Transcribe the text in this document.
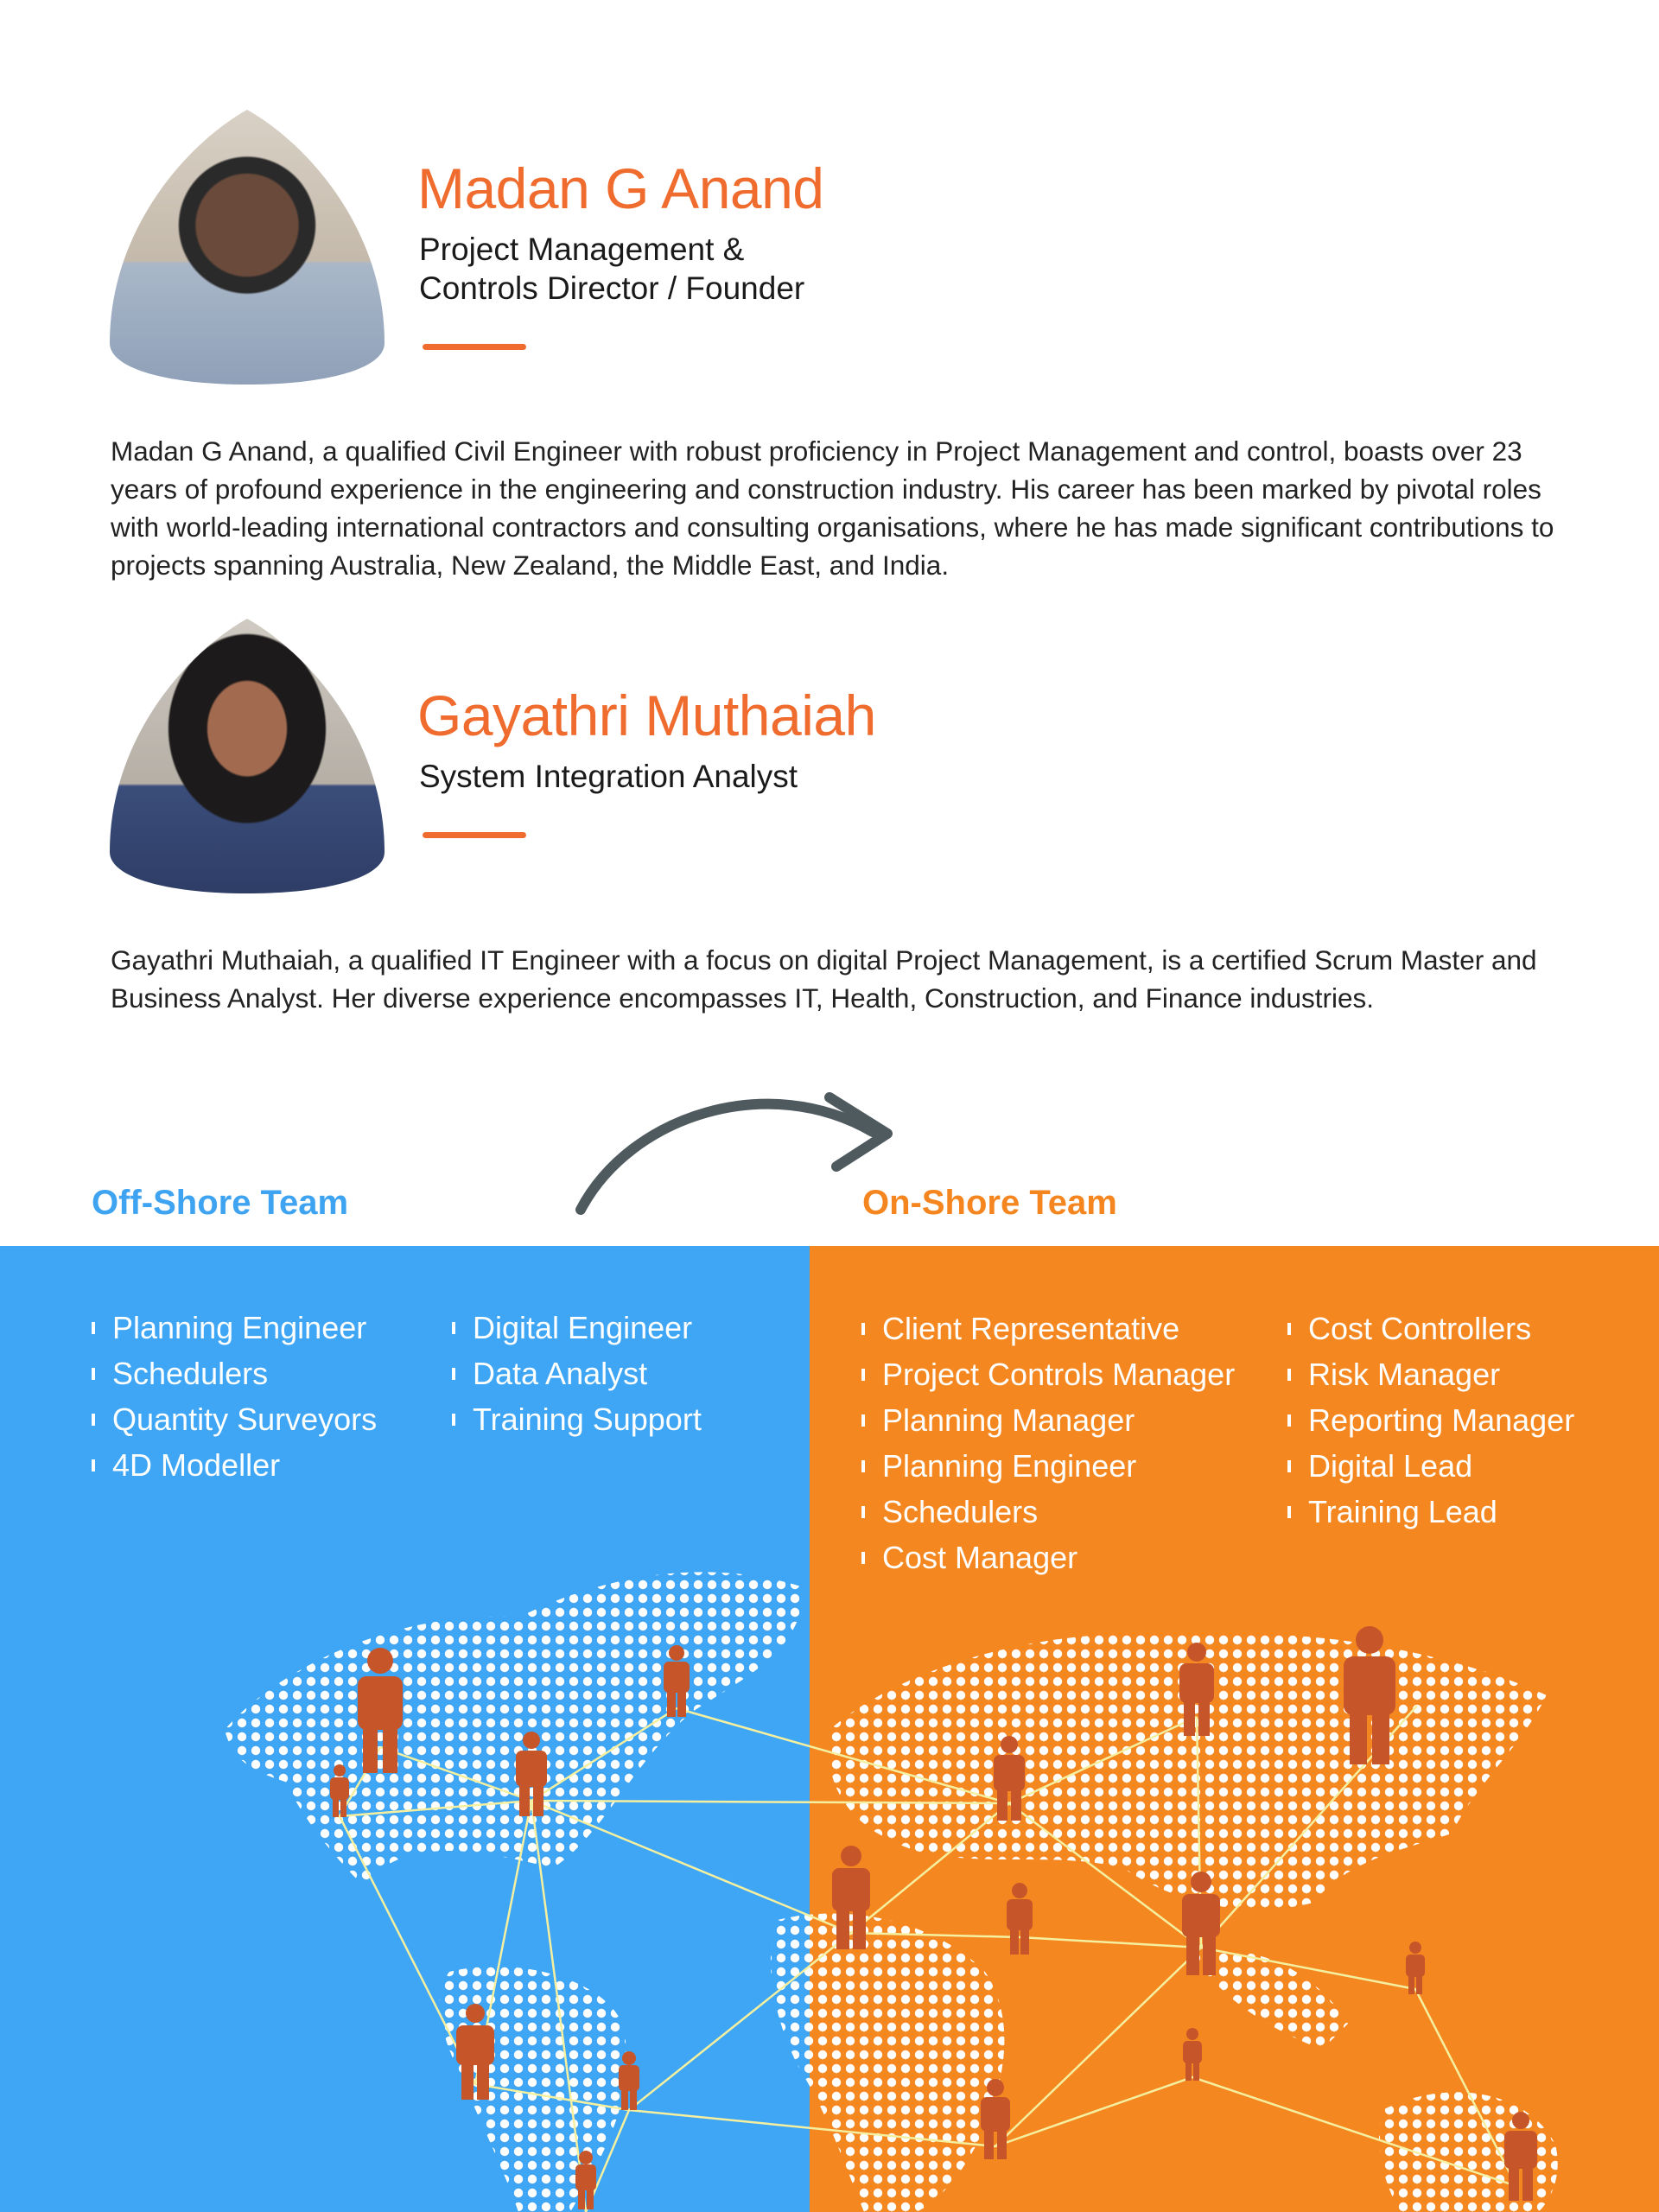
Madan G Anand

Project Management &
Controls Director / Founder

Madan G Anand, a qualified Civil Engineer with robust proficiency in Project Management and control, boasts over 23 years of profound experience in the engineering and construction industry. His career has been marked by pivotal roles with world-leading international contractors and consulting organisations, where he has made significant contributions to projects spanning Australia, New Zealand, the Middle East, and India.

Gayathri Muthaiah

System Integration Analyst

Gayathri Muthaiah, a qualified IT Engineer with a focus on digital Project Management, is a certified Scrum Master and Business Analyst. Her diverse experience encompasses IT, Health, Construction, and Finance industries.

Off-Shore Team	On-Shore Team
Planning Engineer
Schedulers
Quantity Surveyors
4D Modeller
Digital Engineer
Data Analyst
Training Support
Client Representative
Project Controls Manager
Planning Manager
Planning Engineer
Schedulers
Cost Manager
Cost Controllers
Risk Manager
Reporting Manager
Digital Lead
Training Lead
